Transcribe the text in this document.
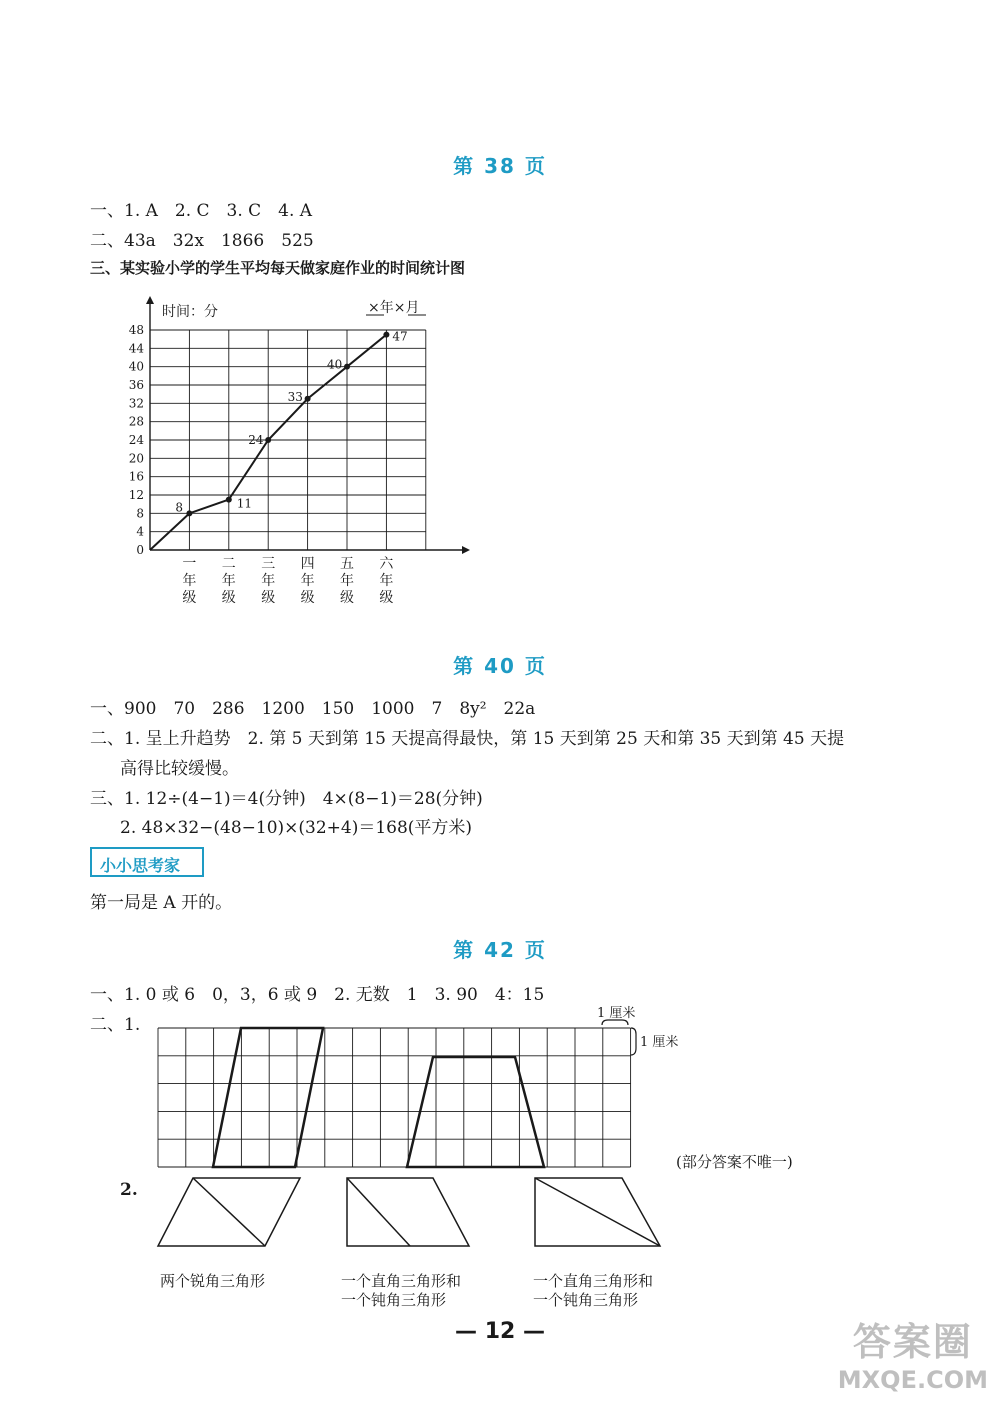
第 38 页
一、1. A　2. C　3. C　4. A
二、43a　32x　1866　525
三、某实验小学的学生平均每天做家庭作业的时间统计图
0
4
8
12
16
20
24
28
32
36
40
44
48
一
年
级
二
年
级
三
年
级
四
年
级
五
年
级
六
年
级
8	11
24
33
40
47
时间：分	×年×月
第 40 页
一、900　70　286　1200　150　1000　7　8y²　22a
二、1. 呈上升趋势　2. 第 5 天到第 15 天提高得最快，第 15 天到第 25 天和第 35 天到第 45 天提
高得比较缓慢。
三、1. 12÷(4−1)＝4(分钟)　4×(8−1)＝28(分钟)
2. 48×32−(48−10)×(32+4)＝168(平方米)
小小思考家
第一局是 A 开的。
第 42 页
一、1. 0 或 6　0，3，6 或 9　2. 无数　1　3. 90　4：15
二、1.
1 厘米
1 厘米
(部分答案不唯一)
2.
两个锐角三角形	一个直角三角形和
一个钝角三角形
一个直角三角形和
一个钝角三角形
— 12 —	答案圈
MXQE.COM
